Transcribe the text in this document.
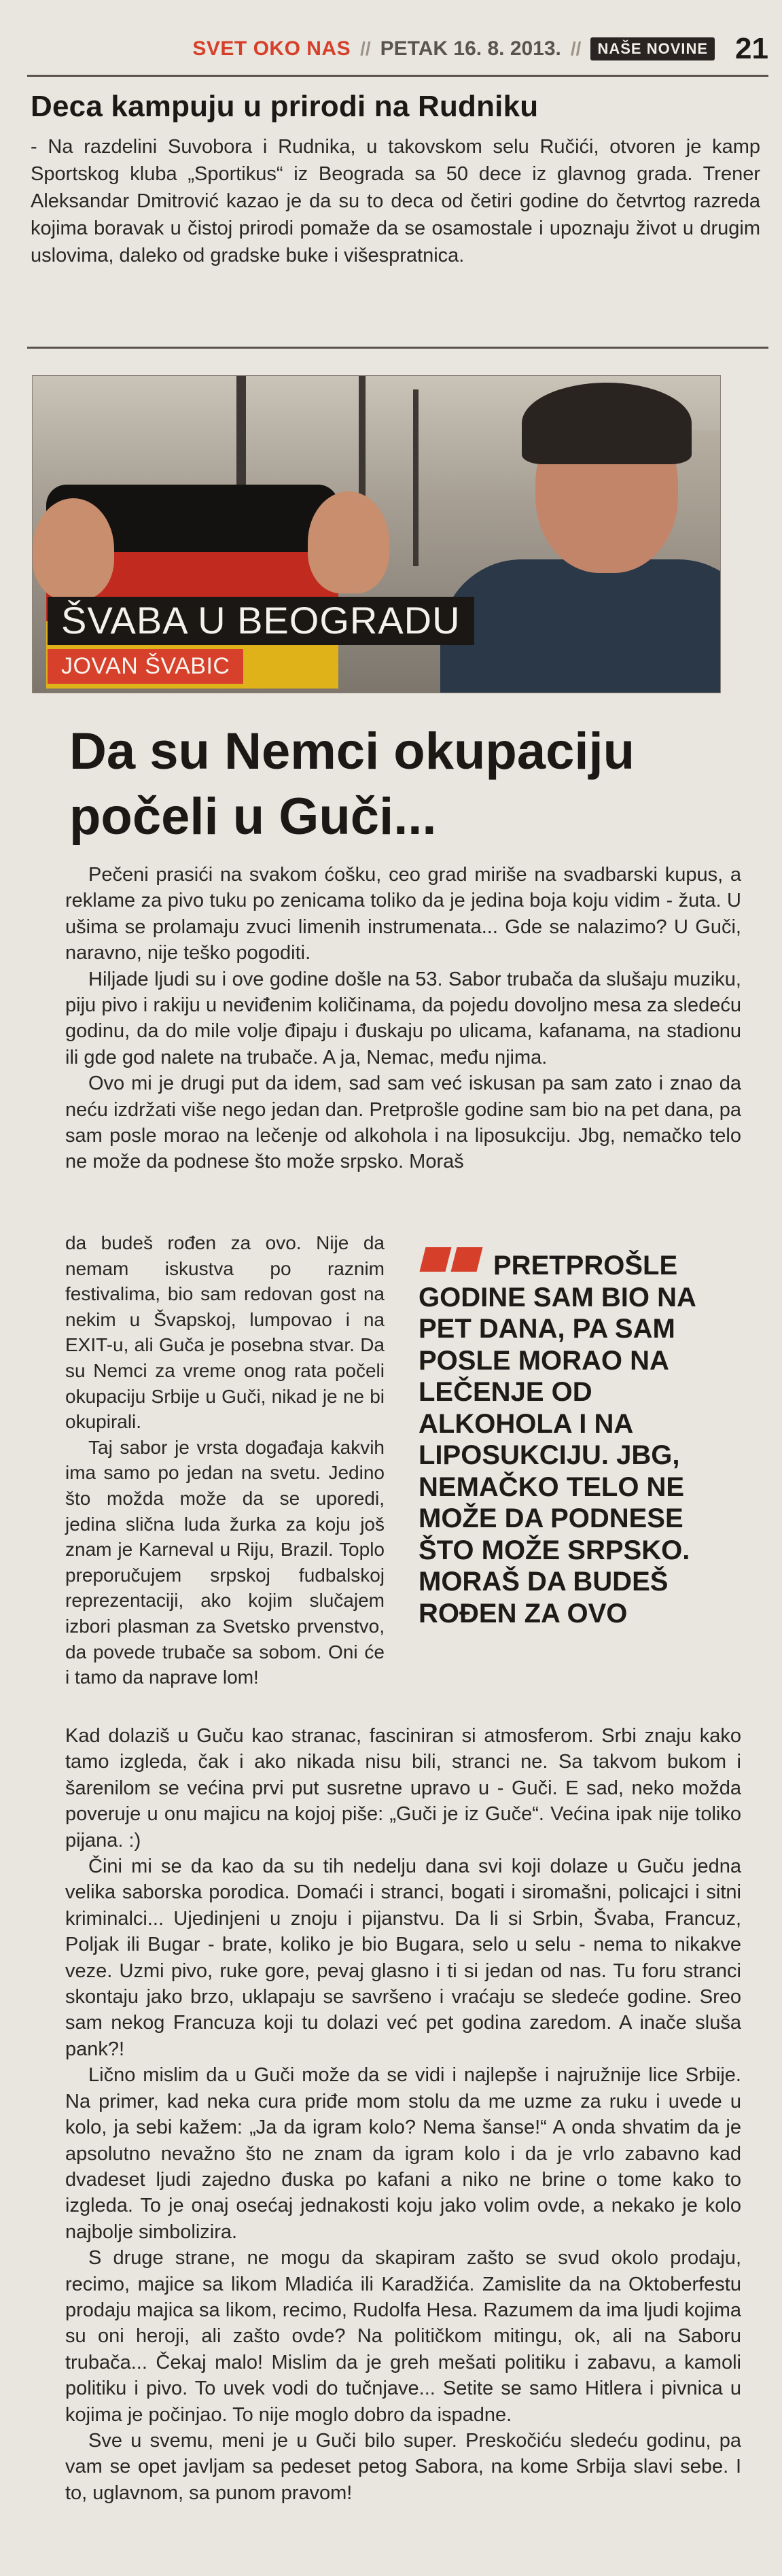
SVET OKO NAS // PETAK 16. 8. 2013. //	NAŠE NOVINE 21
Deca kampuju u prirodi na Rudniku

- Na razdelini Suvobora i Rudnika, u takovskom selu Ručići, otvoren je kamp Sportskog kluba „Sportikus“ iz Beograda sa 50 dece iz glavnog grada. Trener Aleksandar Dmitrović kazao je da su to deca od četiri godine do četvrtog razreda kojima boravak u čistoj prirodi pomaže da se osamostale i upoznaju život u drugim uslovima, daleko od gradske buke i višespratnica.

ŠVABA U BEOGRADU
JOVAN ŠVABIC
Da su Nemci okupaciju počeli u Guči...

Pečeni prasići na svakom ćošku, ceo grad miriše na svadbarski kupus, a reklame za pivo tuku po zenicama toliko da je jedina boja koju vidim - žuta. U ušima se prolamaju zvuci limenih instrumenata... Gde se nalazimo? U Guči, naravno, nije teško pogoditi.

Hiljade ljudi su i ove godine došle na 53. Sabor trubača da slušaju muziku, piju pivo i rakiju u neviđenim količinama, da pojedu dovoljno mesa za sledeću godinu, da do mile volje đipaju i đuskaju po ulicama, kafanama, na stadionu ili gde god nalete na trubače. A ja, Nemac, među njima.

Ovo mi je drugi put da idem, sad sam već iskusan pa sam zato i znao da neću izdržati više nego jedan dan. Pretprošle godine sam bio na pet dana, pa sam posle morao na lečenje od alkohola i na liposukciju. Jbg, nemačko telo ne može da podnese što može srpsko. Moraš

da budeš rođen za ovo. Nije da nemam iskustva po raznim festivalima, bio sam redovan gost na nekim u Švapskoj, lumpovao i na EXIT-u, ali Guča je posebna stvar. Da su Nemci za vreme onog rata počeli okupaciju Srbije u Guči, nikad je ne bi okupirali.

Taj sabor je vrsta događaja kakvih ima samo po jedan na svetu. Jedino što možda može da se uporedi, jedina slična luda žurka za koju još znam je Karneval u Riju, Brazil. Toplo preporučujem srpskoj fudbalskoj reprezentaciji, ako kojim slučajem izbori plasman za Svetsko prvenstvo, da povede trubače sa sobom. Oni će i tamo da naprave lom!

PRETPROŠLE GODINE SAM BIO NA PET DANA, PA SAM POSLE MORAO NA LEČENJE OD ALKOHOLA I NA LIPOSUKCIJU. JBG, NEMAČKO TELO NE MOŽE DA PODNESE ŠTO MOŽE SRPSKO. MORAŠ DA BUDEŠ ROĐEN ZA OVO

Kad dolaziš u Guču kao stranac, fasciniran si atmosferom. Srbi znaju kako tamo izgleda, čak i ako nikada nisu bili, stranci ne. Sa takvom bukom i šarenilom se većina prvi put susretne upravo u - Guči. E sad, neko možda poveruje u onu majicu na kojoj piše: „Guči je iz Guče“. Većina ipak nije toliko pijana. :)

Čini mi se da kao da su tih nedelju dana svi koji dolaze u Guču jedna velika saborska porodica. Domaći i stranci, bogati i siromašni, policajci i sitni kriminalci... Ujedinjeni u znoju i pijanstvu. Da li si Srbin, Švaba, Francuz, Poljak ili Bugar - brate, koliko je bio Bugara, selo u selu - nema to nikakve veze. Uzmi pivo, ruke gore, pevaj glasno i ti si jedan od nas. Tu foru stranci skontaju jako brzo, uklapaju se savršeno i vraćaju se sledeće godine. Sreo sam nekog Francuza koji tu dolazi već pet godina zaredom. A inače sluša pank?!

Lično mislim da u Guči može da se vidi i najlepše i najružnije lice Srbije. Na primer, kad neka cura priđe mom stolu da me uzme za ruku i uvede u kolo, ja sebi kažem: „Ja da igram kolo? Nema šanse!“ A onda shvatim da je apsolutno nevažno što ne znam da igram kolo i da je vrlo zabavno kad dvadeset ljudi zajedno đuska po kafani a niko ne brine o tome kako to izgleda. To je onaj osećaj jednakosti koju jako volim ovde, a nekako je kolo najbolje simbolizira.

S druge strane, ne mogu da skapiram zašto se svud okolo prodaju, recimo, majice sa likom Mladića ili Karadžića. Zamislite da na Oktoberfestu prodaju majica sa likom, recimo, Rudolfa Hesa. Razumem da ima ljudi kojima su oni heroji, ali zašto ovde? Na političkom mitingu, ok, ali na Saboru trubača... Čekaj malo! Mislim da je greh mešati politiku i zabavu, a kamoli politiku i pivo. To uvek vodi do tučnjave... Setite se samo Hitlera i pivnica u kojima je počinjao. To nije moglo dobro da ispadne.

Sve u svemu, meni je u Guči bilo super. Preskočiću sledeću godinu, pa vam se opet javljam sa pedeset petog Sabora, na kome Srbija slavi sebe. I to, uglavnom, sa punom pravom!
